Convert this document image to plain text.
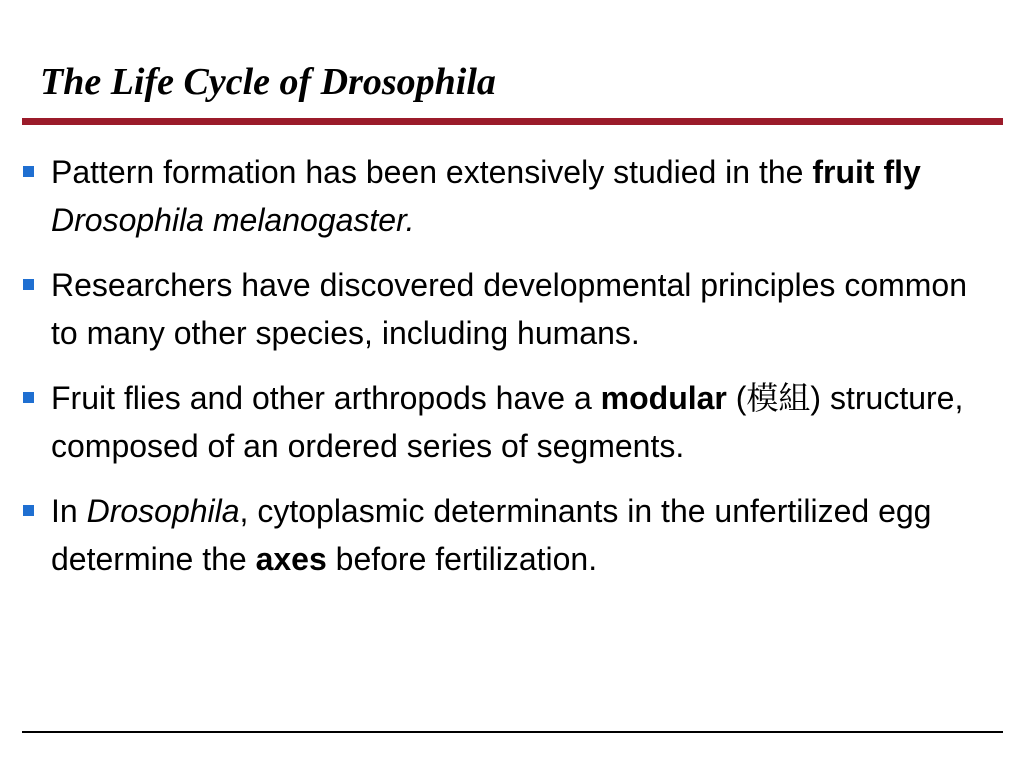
The Life Cycle of Drosophila
Pattern formation has been extensively studied in the fruit fly Drosophila melanogaster.
Researchers have discovered developmental principles common to many other species, including humans.
Fruit flies and other arthropods have a modular (模組) structure, composed of an ordered series of segments.
In Drosophila, cytoplasmic determinants in the unfertilized egg determine the axes before fertilization.
